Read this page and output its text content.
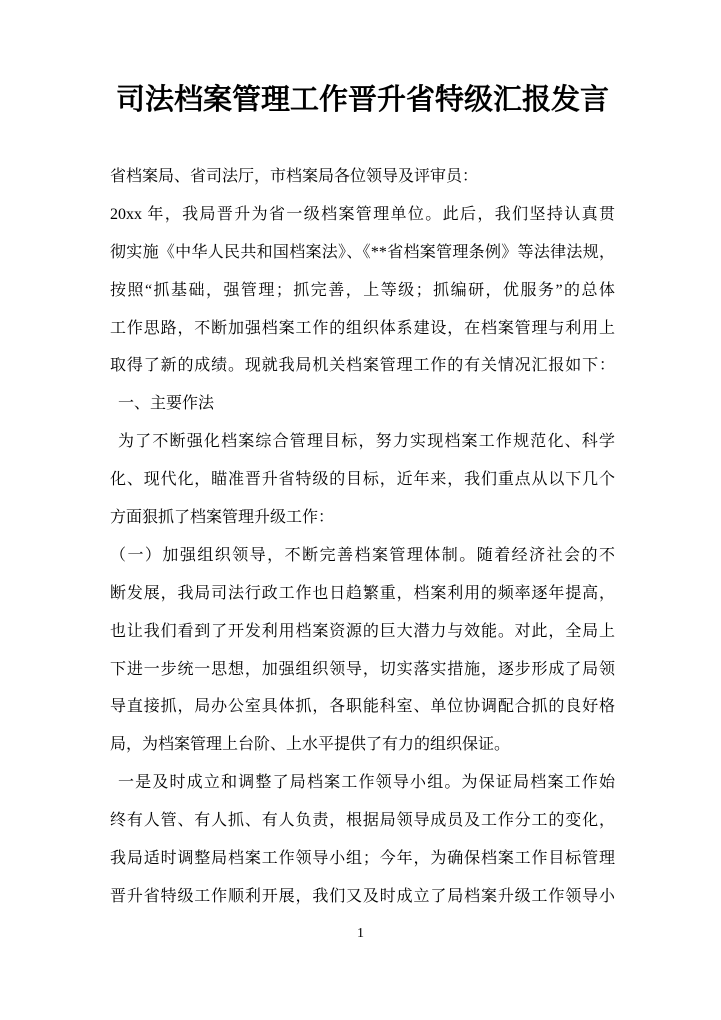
司法档案管理工作晋升省特级汇报发言
省档案局、省司法厅，市档案局各位领导及评审员：
20xx 年，我局晋升为省一级档案管理单位。此后，我们坚持认真贯
彻实施《中华人民共和国档案法》、《**省档案管理条例》等法律法规，
按照“抓基础，强管理；抓完善，上等级；抓编研，优服务”的总体
工作思路，不断加强档案工作的组织体系建设，在档案管理与利用上
取得了新的成绩。现就我局机关档案管理工作的有关情况汇报如下：
一、主要作法
为了不断强化档案综合管理目标，努力实现档案工作规范化、科学
化、现代化，瞄准晋升省特级的目标，近年来，我们重点从以下几个
方面狠抓了档案管理升级工作：
（一）加强组织领导，不断完善档案管理体制。随着经济社会的不
断发展，我局司法行政工作也日趋繁重，档案利用的频率逐年提高，
也让我们看到了开发利用档案资源的巨大潜力与效能。对此，全局上
下进一步统一思想，加强组织领导，切实落实措施，逐步形成了局领
导直接抓，局办公室具体抓，各职能科室、单位协调配合抓的良好格
局，为档案管理上台阶、上水平提供了有力的组织保证。
一是及时成立和调整了局档案工作领导小组。为保证局档案工作始
终有人管、有人抓、有人负责，根据局领导成员及工作分工的变化，
我局适时调整局档案工作领导小组；今年，为确保档案工作目标管理
晋升省特级工作顺利开展，我们又及时成立了局档案升级工作领导小
1
